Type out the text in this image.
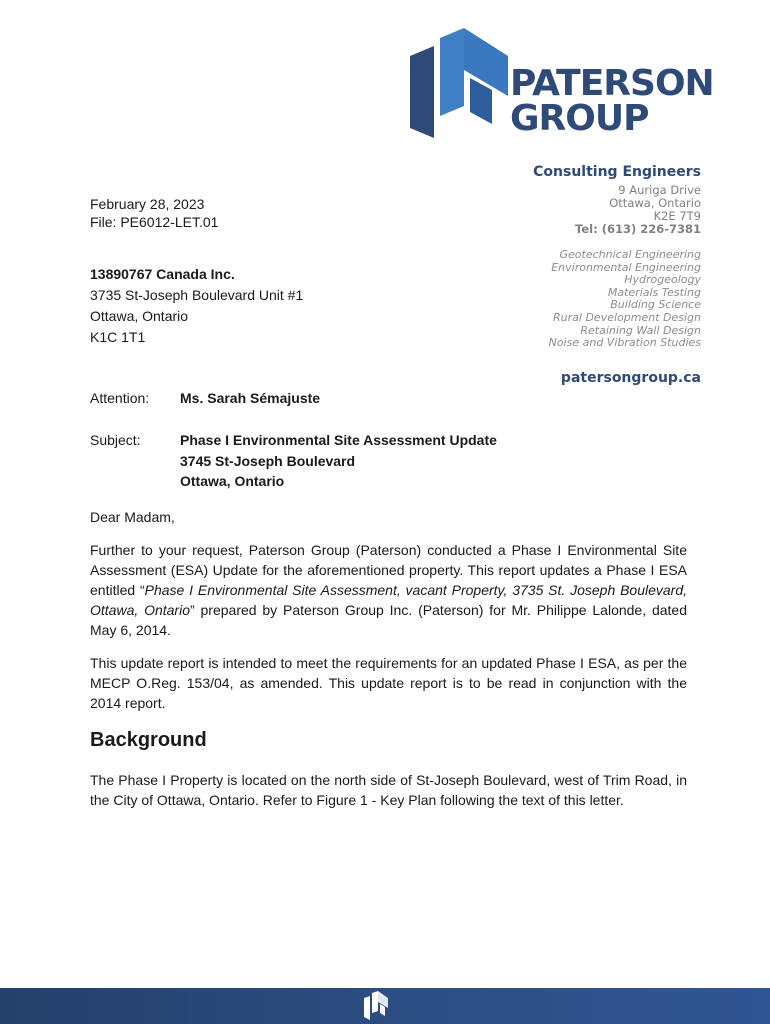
PATERSON
GROUP
Consulting Engineers
9 Auriga Drive
Ottawa, Ontario
K2E 7T9
Tel: (613) 226-7381
Geotechnical Engineering
Environmental Engineering
Hydrogeology
Materials Testing
Building Science
Rural Development Design
Retaining Wall Design
Noise and Vibration Studies
patersongroup.ca
February 28, 2023
File: PE6012-LET.01
13890767 Canada Inc.
3735 St-Joseph Boulevard Unit #1
Ottawa, Ontario
K1C 1T1
Attention: Ms. Sarah Sémajuste
Subject:	Phase I Environmental Site Assessment Update
3745 St-Joseph Boulevard
Ottawa, Ontario
Dear Madam,
Further to your request, Paterson Group (Paterson) conducted a Phase I Environmental Site Assessment (ESA) Update for the aforementioned property. This report updates a Phase I ESA entitled “Phase I Environmental Site Assessment, vacant Property, 3735 St. Joseph Boulevard, Ottawa, Ontario” prepared by Paterson Group Inc. (Paterson) for Mr. Philippe Lalonde, dated May 6, 2014.
This update report is intended to meet the requirements for an updated Phase I ESA, as per the MECP O.Reg. 153/04, as amended. This update report is to be read in conjunction with the 2014 report.
Background
The Phase I Property is located on the north side of St-Joseph Boulevard, west of Trim Road, in the City of Ottawa, Ontario. Refer to Figure 1 - Key Plan following the text of this letter.
